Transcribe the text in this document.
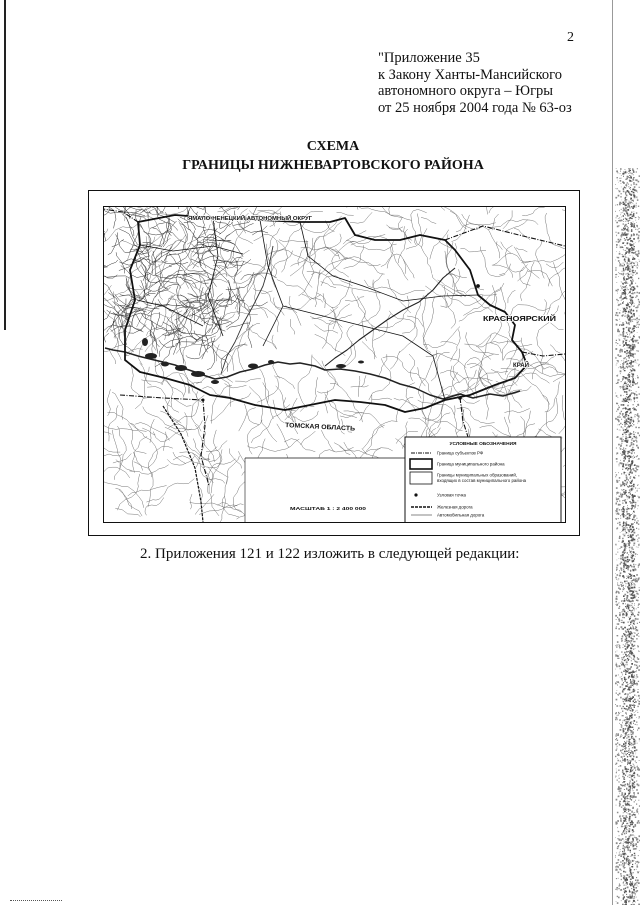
2
"Приложение 35
к Закону Ханты-Мансийского
автономного округа – Югры
от 25 ноября 2004 года № 63-оз
СХЕМА
ГРАНИЦЫ НИЖНЕВАРТОВСКОГО РАЙОНА
ЯМАЛО-НЕНЕЦКИЙ АВТОНОМНЫЙ ОКРУГ
КРАСНОЯРСКИЙ
КРАЙ
ТОМСКАЯ ОБЛАСТЬ
МАСШТАБ 1 : 2 400 000
УСЛОВНЫЕ ОБОЗНАЧЕНИЯ
Граница субъектов РФ
Граница муниципального района
Границы муниципальных образований,
входящих в состав муниципального района
Узловая точка
Железная дорога
Автомобильная дорога
2. Приложения 121 и 122 изложить в следующей редакции:
